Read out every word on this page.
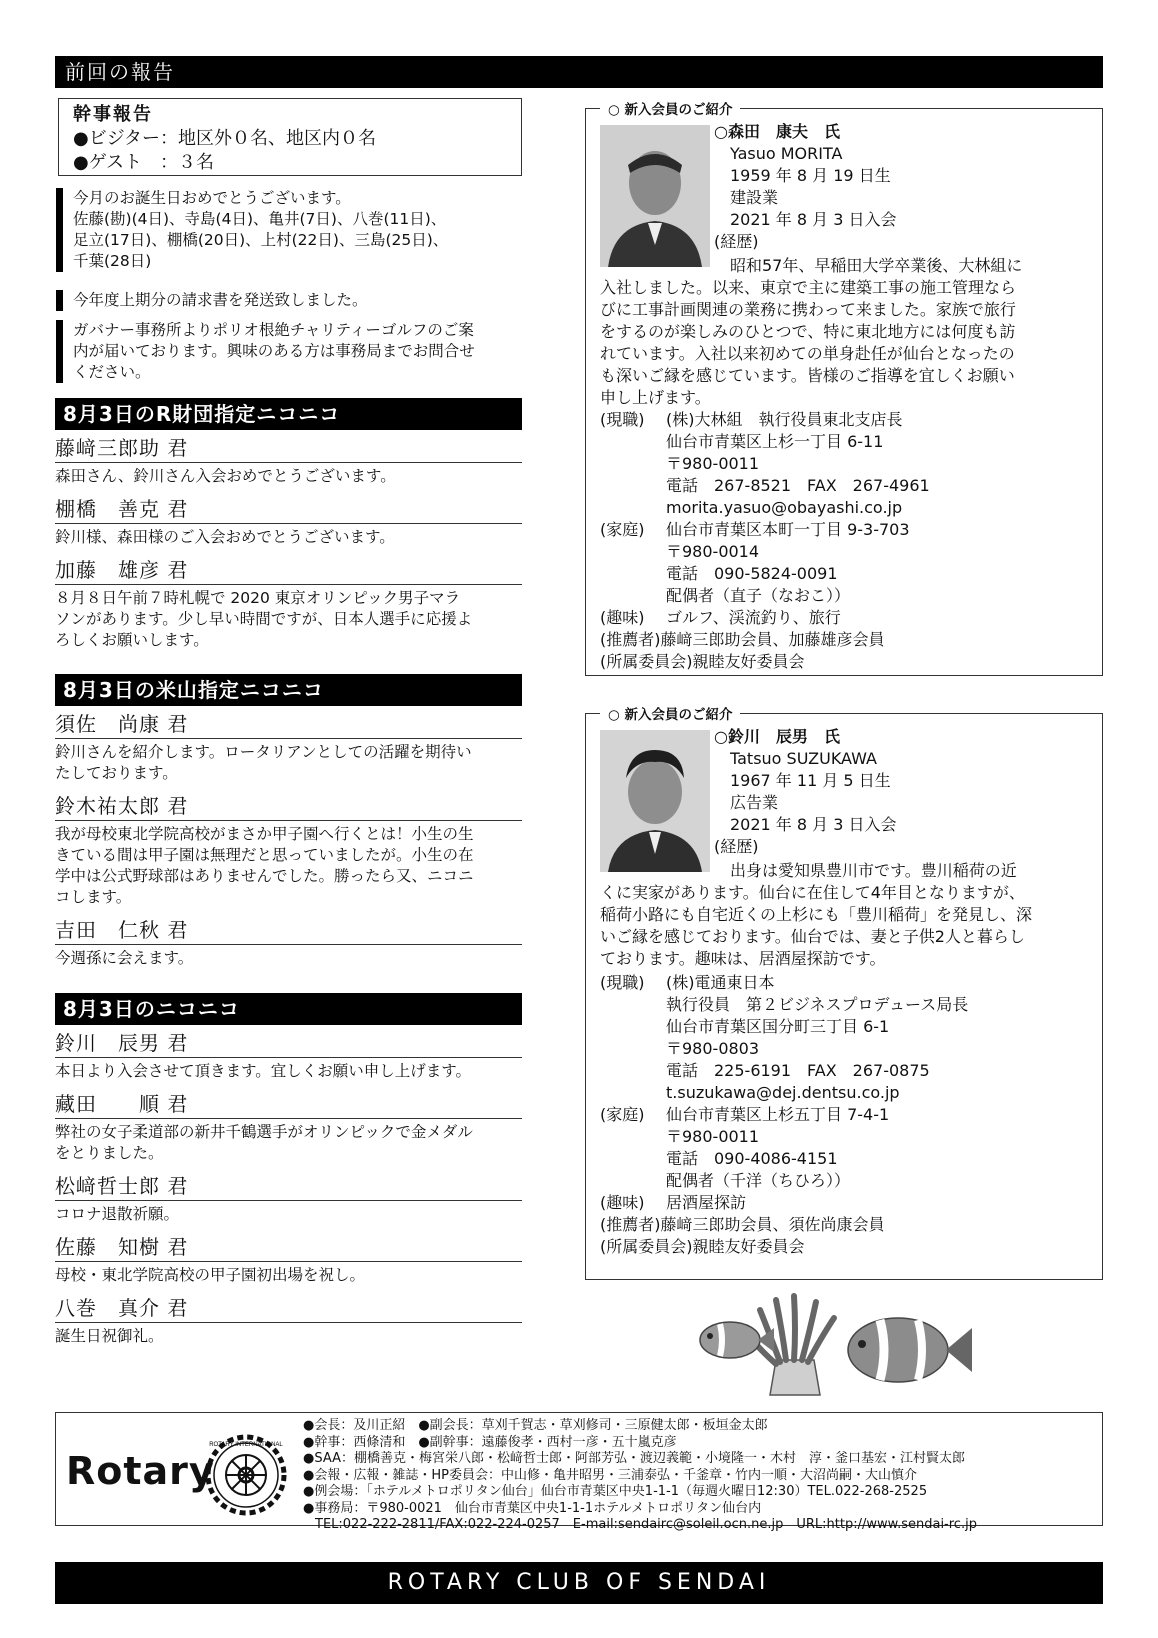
前回の報告
幹事報告
●ビジター：地区外０名、地区内０名
●ゲスト　：３名
今月のお誕生日おめでとうございます。
佐藤(勘)(4日)、寺島(4日)、亀井(7日)、八巻(11日)、
足立(17日)、棚橋(20日)、上村(22日)、三島(25日)、
千葉(28日)
今年度上期分の請求書を発送致しました。
ガバナー事務所よりポリオ根絶チャリティーゴルフのご案
内が届いております。興味のある方は事務局までお問合せ
ください。
8月3日のR財団指定ニコニコ
藤﨑三郎助 君
森田さん、鈴川さん入会おめでとうございます。
棚橋　善克 君
鈴川様、森田様のご入会おめでとうございます。
加藤　雄彦 君
８月８日午前７時札幌で 2020 東京オリンピック男子マラ
ソンがあります。少し早い時間ですが、日本人選手に応援よ
ろしくお願いします。
8月3日の米山指定ニコニコ
須佐　尚康 君
鈴川さんを紹介します。ロータリアンとしての活躍を期待い
たしております。
鈴木祐太郎 君
我が母校東北学院高校がまさか甲子園へ行くとは！小生の生
きている間は甲子園は無理だと思っていましたが。小生の在
学中は公式野球部はありませんでした。勝ったら又、ニコニ
コします。
吉田　仁秋 君
今週孫に会えます。
8月3日のニコニコ
鈴川　辰男 君
本日より入会させて頂きます。宜しくお願い申し上げます。
藏田　　順 君
弊社の女子柔道部の新井千鶴選手がオリンピックで金メダル
をとりました。
松﨑哲士郎 君
コロナ退散祈願。
佐藤　知樹 君
母校・東北学院高校の甲子園初出場を祝し。
八巻　真介 君
誕生日祝御礼。
○ 新入会員のご紹介
○森田　康夫　氏
Yasuo MORITA
1959 年 8 月 19 日生
建設業
2021 年 8 月 3 日入会
(経歴)
　昭和57年、早稲田大学卒業後、大林組に
入社しました。以来、東京で主に建築工事の施工管理なら
びに工事計画関連の業務に携わって来ました。家族で旅行
をするのが楽しみのひとつで、特に東北地方には何度も訪
れています。入社以来初めての単身赴任が仙台となったの
も深いご縁を感じています。皆様のご指導を宜しくお願い
申し上げます。
(現職)	(株)大林組　執行役員東北支店長
仙台市青葉区上杉一丁目 6-11
〒980-0011
電話　267-8521　FAX　267-4961
morita.yasuo@obayashi.co.jp
(家庭)	仙台市青葉区本町一丁目 9-3-703
〒980-0014
電話　090-5824-0091
配偶者（直子（なおこ））
(趣味)	ゴルフ、渓流釣り、旅行
(推薦者) 藤﨑三郎助会員、加藤雄彦会員
(所属委員会) 親睦友好委員会
○ 新入会員のご紹介
○鈴川　辰男　氏
Tatsuo SUZUKAWA
1967 年 11 月 5 日生
広告業
2021 年 8 月 3 日入会
(経歴)
　出身は愛知県豊川市です。豊川稲荷の近
くに実家があります。仙台に在住して4年目となりますが、
稲荷小路にも自宅近くの上杉にも「豊川稲荷」を発見し、深
いご縁を感じております。仙台では、妻と子供2人と暮らし
ております。趣味は、居酒屋探訪です。
(現職)	(株)電通東日本
執行役員　第２ビジネスプロデュース局長
仙台市青葉区国分町三丁目 6-1
〒980-0803
電話　225-6191　FAX　267-0875
t.suzukawa@dej.dentsu.co.jp
(家庭)	仙台市青葉区上杉五丁目 7-4-1
〒980-0011
電話　090-4086-4151
配偶者（千洋（ちひろ））
(趣味)	居酒屋探訪
(推薦者) 藤﨑三郎助会員、須佐尚康会員
(所属委員会) 親睦友好委員会
Rotary
ROTARY INTERNATIONAL
●会長：及川正紹　●副会長：草刈千賀志・草刈修司・三原健太郎・板垣金太郎
●幹事：西條清和　●副幹事：遠藤俊孝・西村一彦・五十嵐克彦
●SAA：棚橋善克・梅宮栄八郎・松﨑哲士郎・阿部芳弘・渡辺義範・小境隆一・木村　淳・釜口基宏・江村賢太郎
●会報・広報・雑誌・HP委員会：中山修・亀井昭男・三浦泰弘・千釜章・竹内一順・大沼尚嗣・大山慎介
●例会場：「ホテルメトロポリタン仙台」仙台市青葉区中央1-1-1（毎週火曜日12:30）TEL.022-268-2525
●事務局：〒980-0021　仙台市青葉区中央1-1-1ホテルメトロポリタン仙台内
TEL:022-222-2811/FAX:022-224-0257　E-mail:sendairc@soleil.ocn.ne.jp　URL:http://www.sendai-rc.jp
ROTARY CLUB OF SENDAI
